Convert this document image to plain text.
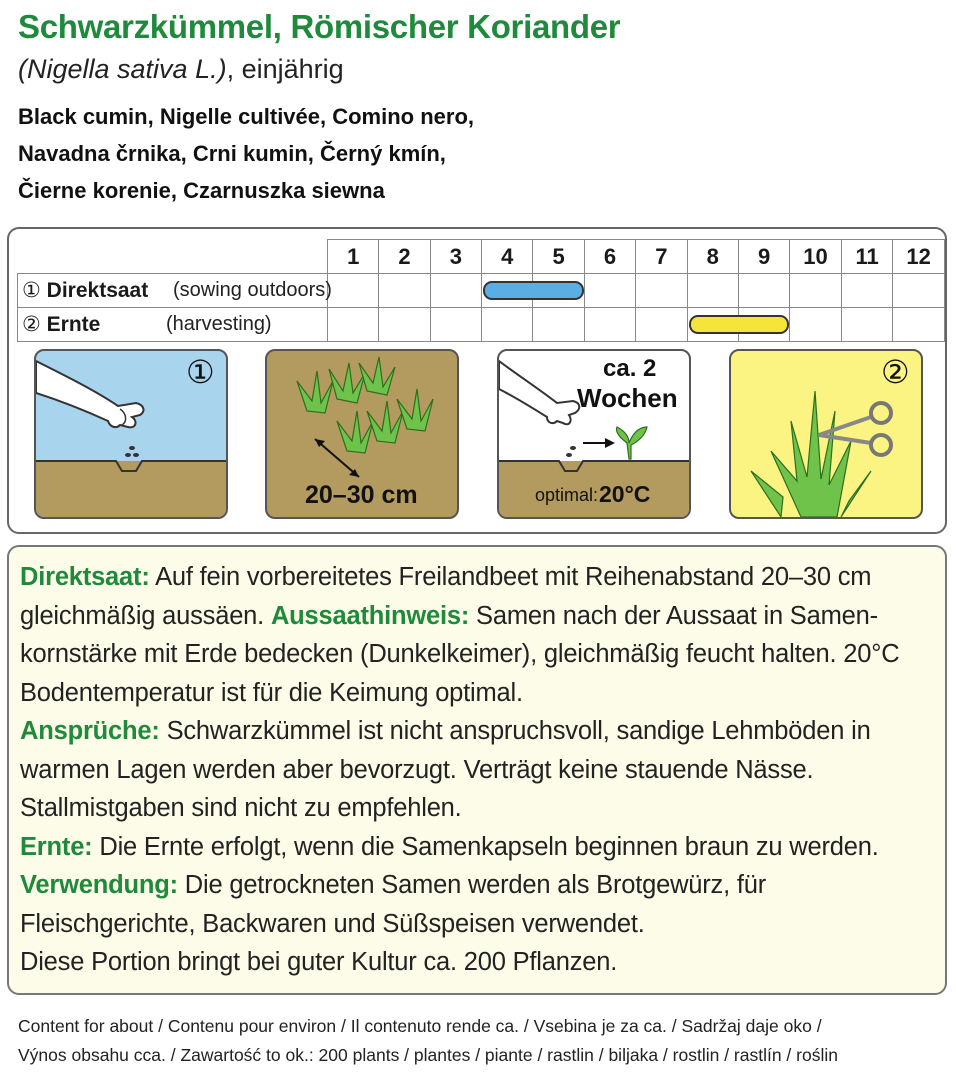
Schwarzkümmel, Römischer Koriander
(Nigella sativa L.), einjährig
Black cumin, Nigelle cultivée, Comino nero,
Navadna črnika, Crni kumin, Černý kmín,
Čierne korenie, Czarnuszka siewna
	1	2	3	4	5	6	7	8	9	10	11	12
① Direktsaat (sowing outdoors)												

② Ernte (harvesting)												

①
20–30 cm
ca. 2
Wochen
optimal: 20°C
②

Direktsaat: Auf fein vorbereitetes Freilandbeet mit Reihenabstand 20–30 cm gleichmäßig aussäen. Aussaathinweis: Samen nach der Aussaat in Samen-kornstärke mit Erde bedecken (Dunkelkeimer), gleichmäßig feucht halten. 20°C Bodentemperatur ist für die Keimung optimal.

Ansprüche: Schwarzkümmel ist nicht anspruchsvoll, sandige Lehmböden in warmen Lagen werden aber bevorzugt. Verträgt keine stauende Nässe. Stallmistgaben sind nicht zu empfehlen.

Ernte: Die Ernte erfolgt, wenn die Samenkapseln beginnen braun zu werden.

Verwendung: Die getrockneten Samen werden als Brotgewürz, für Fleischgerichte, Backwaren und Süßspeisen verwendet.

Diese Portion bringt bei guter Kultur ca. 200 Pflanzen.

Content for about / Contenu pour environ / Il contenuto rende ca. / Vsebina je za ca. / Sadržaj daje oko /
Výnos obsahu cca. / Zawartość to ok.: 200 plants / plantes / piante / rastlin / biljaka / rostlin / rastlín / roślin
